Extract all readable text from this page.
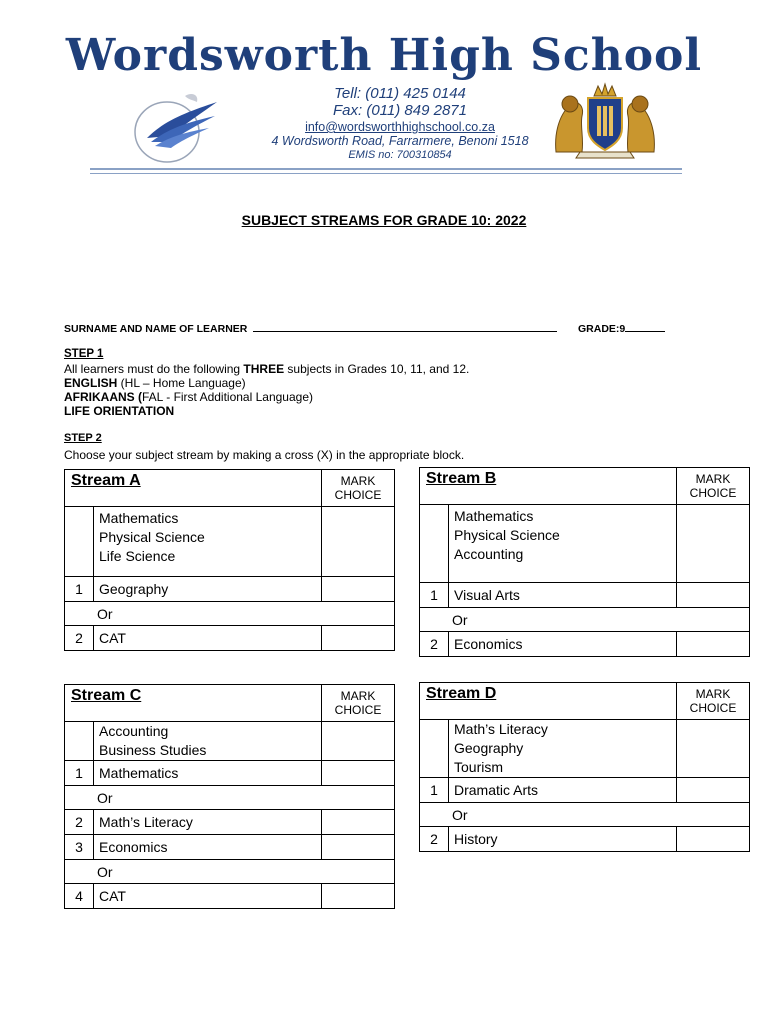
Wordsworth High School
Tell: (011) 425 0144
Fax: (011) 849 2871
info@wordsworthhighschool.co.za
4 Wordsworth Road, Farrarmere, Benoni 1518
EMIS no: 700310854
SUBJECT STREAMS FOR GRADE 10: 2022
SURNAME AND NAME OF LEARNER	GRADE:9
STEP 1
All learners must do the following THREE subjects in Grades 10, 11, and 12.
ENGLISH (HL – Home Language)
AFRIKAANS (FAL - First Additional Language)
LIFE ORIENTATION
STEP 2
Choose your subject stream by making a cross (X) in the appropriate block.
Stream A		MARK
CHOICE

	Mathematics
Physical Science
Life Science	

1	Geography	
Or		
2	CAT	
Stream B		MARK
CHOICE

	Mathematics
Physical Science
Accounting	

1	Visual Arts	
Or		
2	Economics	
Stream C		MARK
CHOICE

	Accounting
Business Studies	

1	Mathematics	
Or		
2	Math’s Literacy	
3	Economics	
Or		
4	CAT	
Stream D		MARK
CHOICE

	Math’s Literacy
Geography
Tourism	

1	Dramatic Arts	
Or		
2	History	
